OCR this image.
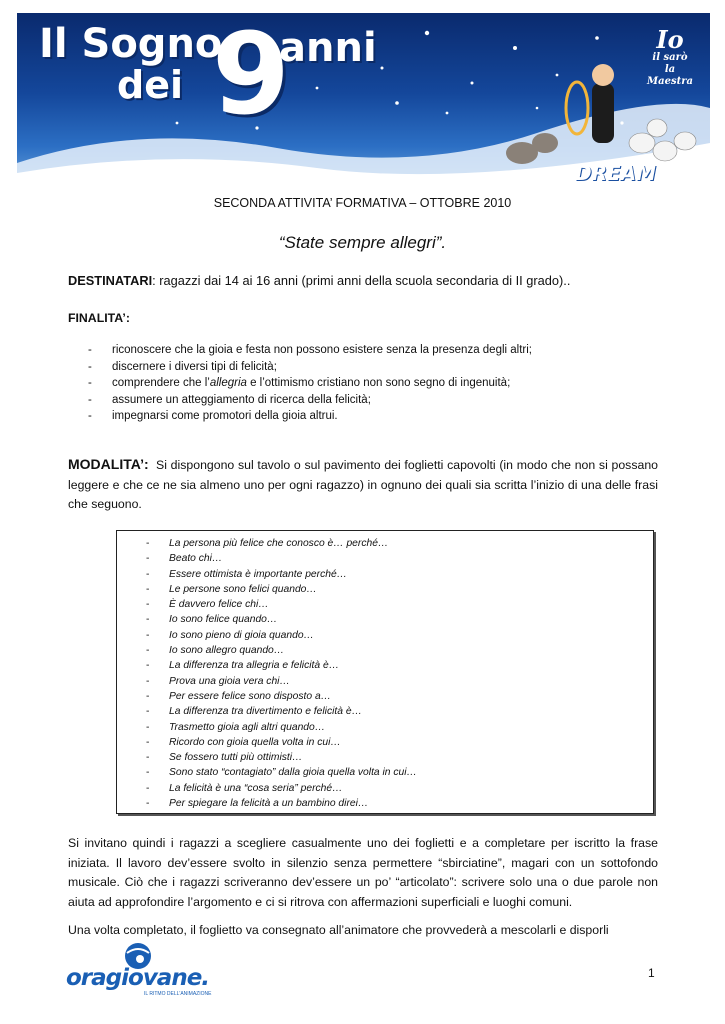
Il Sogno
dei 9
anni	Io
il sarò
la
Maestra
DREAM
SECONDA ATTIVITA’ FORMATIVA – OTTOBRE 2010
“State sempre allegri”.
DESTINATARI: ragazzi dai 14 ai 16 anni (primi anni della scuola secondaria di II grado)..
FINALITA’:
- riconoscere che la gioia e festa non possono esistere senza la presenza degli altri;
- discernere i diversi tipi di felicità;
- comprendere che l’allegria e l’ottimismo cristiano non sono segno di ingenuità;
- assumere un atteggiamento di ricerca della felicità;
- impegnarsi come promotori della gioia altrui.
MODALITA’: Si dispongono sul tavolo o sul pavimento dei foglietti capovolti (in modo che non si possano leggere e che ce ne sia almeno uno per ogni ragazzo) in ognuno dei quali sia scritta l’inizio di una delle frasi che seguono.
- La persona più felice che conosco è… perché…
- Beato chi…
- Essere ottimista è importante perché…
- Le persone sono felici quando…
- È davvero felice chi…
- Io sono felice quando…
- Io sono pieno di gioia quando…
- Io sono allegro quando…
- La differenza tra allegria e felicità è…
- Prova una gioia vera chi…
- Per essere felice sono disposto a…
- La differenza tra divertimento e felicità è…
- Trasmetto gioia agli altri quando…
- Ricordo con gioia quella volta in cui…
- Se fossero tutti più ottimisti…
- Sono stato “contagiato” dalla gioia quella volta in cui…
- La felicità è una “cosa seria” perché…
- Per spiegare la felicità a un bambino direi…
Si invitano quindi i ragazzi a scegliere casualmente uno dei foglietti e a completare per iscritto la frase iniziata. Il lavoro dev’essere svolto in silenzio senza permettere “sbirciatine”, magari con un sottofondo musicale. Ciò che i ragazzi scriveranno dev’essere un po’ “articolato”: scrivere solo una o due parole non aiuta ad approfondire l’argomento e ci si ritrova con affermazioni superficiali e luoghi comuni.
Una volta completato, il foglietto va consegnato all’animatore che provvederà a mescolarli e disporli
oragiovane.
IL RITMO DELL'ANIMAZIONE
1
